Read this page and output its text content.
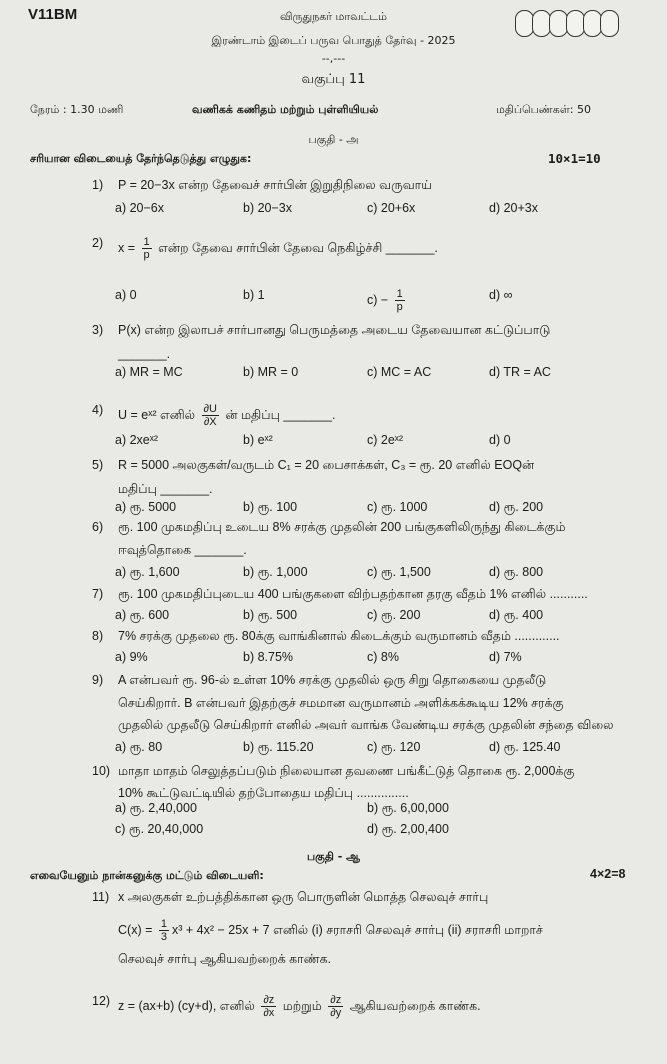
V11BM	விருதுநகர் மாவட்டம்
இரண்டாம் இடைப் பருவ பொதுத் தேர்வு - 2025
--,---
வகுப்பு 11
நேரம் : 1.30 மணி	வணிகக் கணிதம் மற்றும் புள்ளியியல்	மதிப்பெண்கள்: 50
பகுதி - அ
சரியான விடையைத் தேர்ந்தெடுத்து எழுதுக:	10×1=10
பகுதி - ஆ
எவையேனும் நான்கனுக்கு மட்டும் விடையளி:	4×2=8
1) P = 20−3x என்ற தேவைச் சார்பின் இறுதிநிலை வருவாய்
a) 20−6x	b) 20−3x	c) 20+6x	d) 20+3x
2) $x = \frac{1}{p}$ என்ற தேவை சார்பின் தேவை நெகிழ்ச்சி _______.
a) 0	b) 1	$c) - \frac{1}{p}$	d) ∞
3) P(x) என்ற இலாபச் சார்பானது பெருமத்தை அடைய தேவையான கட்டுப்பாடு
_______.
a) MR = MC	b) MR = 0	c) MC = AC	d) TR = AC
4) U = eˣ² எனில் $\frac{\partial U}{\partial X}$ ன் மதிப்பு _______.
a) 2xeˣ²	b) eˣ²	c) 2eˣ²	d) 0
5) R = 5000 அலகுகள்/வருடம் C₁ = 20 பைசாக்கள், C₃ = ரூ. 20 எனில் EOQன்
மதிப்பு _______.
a) ரூ. 5000	b) ரூ. 100	c) ரூ. 1000	d) ரூ. 200
6) ரூ. 100 முகமதிப்பு உடைய 8% சரக்கு முதலின் 200 பங்குகளிலிருந்து கிடைக்கும்
ஈவுத்தொகை _______.
a) ரூ. 1,600	b) ரூ. 1,000	c) ரூ. 1,500	d) ரூ. 800
7) ரூ. 100 முகமதிப்புடைய 400 பங்குகளை விற்பதற்கான தரகு வீதம் 1% எனில் ...........
a) ரூ. 600	b) ரூ. 500	c) ரூ. 200	d) ரூ. 400
8) 7% சரக்கு முதலை ரூ. 80க்கு வாங்கினால் கிடைக்கும் வருமானம் வீதம் .............
a) 9%	b) 8.75%	c) 8%	d) 7%
9) A என்பவர் ரூ. 96-ல் உள்ள 10% சரக்கு முதலில் ஒரு சிறு தொகையை முதலீடு
செய்கிறார். B என்பவர் இதற்குச் சமமான வருமானம் அளிக்கக்கூடிய 12% சரக்கு
முதலில் முதலீடு செய்கிறார் எனில் அவர் வாங்க வேண்டிய சரக்கு முதலின் சந்தை விலை
a) ரூ. 80	b) ரூ. 115.20	c) ரூ. 120	d) ரூ. 125.40
10) மாதா மாதம் செலுத்தப்படும் நிலையான தவணை பங்கீட்டுத் தொகை ரூ. 2,000க்கு
10% கூட்டுவட்டியில் தற்போதைய மதிப்பு ...............
a) ரூ. 2,40,000	b) ரூ. 6,00,000
c) ரூ. 20,40,000	d) ரூ. 2,00,400
11) x அலகுகள் உற்பத்திக்கான ஒரு பொருளின் மொத்த செலவுச் சார்பு
$C(x) = \frac{1}{3} x^3 + 4x^2 - 25x + 7$ எனில் (i) சராசரி செலவுச் சார்பு (ii) சராசரி மாறாச்
செலவுச் சார்பு ஆகியவற்றைக் காண்க.
12) z = (ax+b) (cy+d), எனில் $\frac{\partial z}{\partial x}$ மற்றும் $\frac{\partial z}{\partial y}$ ஆகியவற்றைக் காண்க.
